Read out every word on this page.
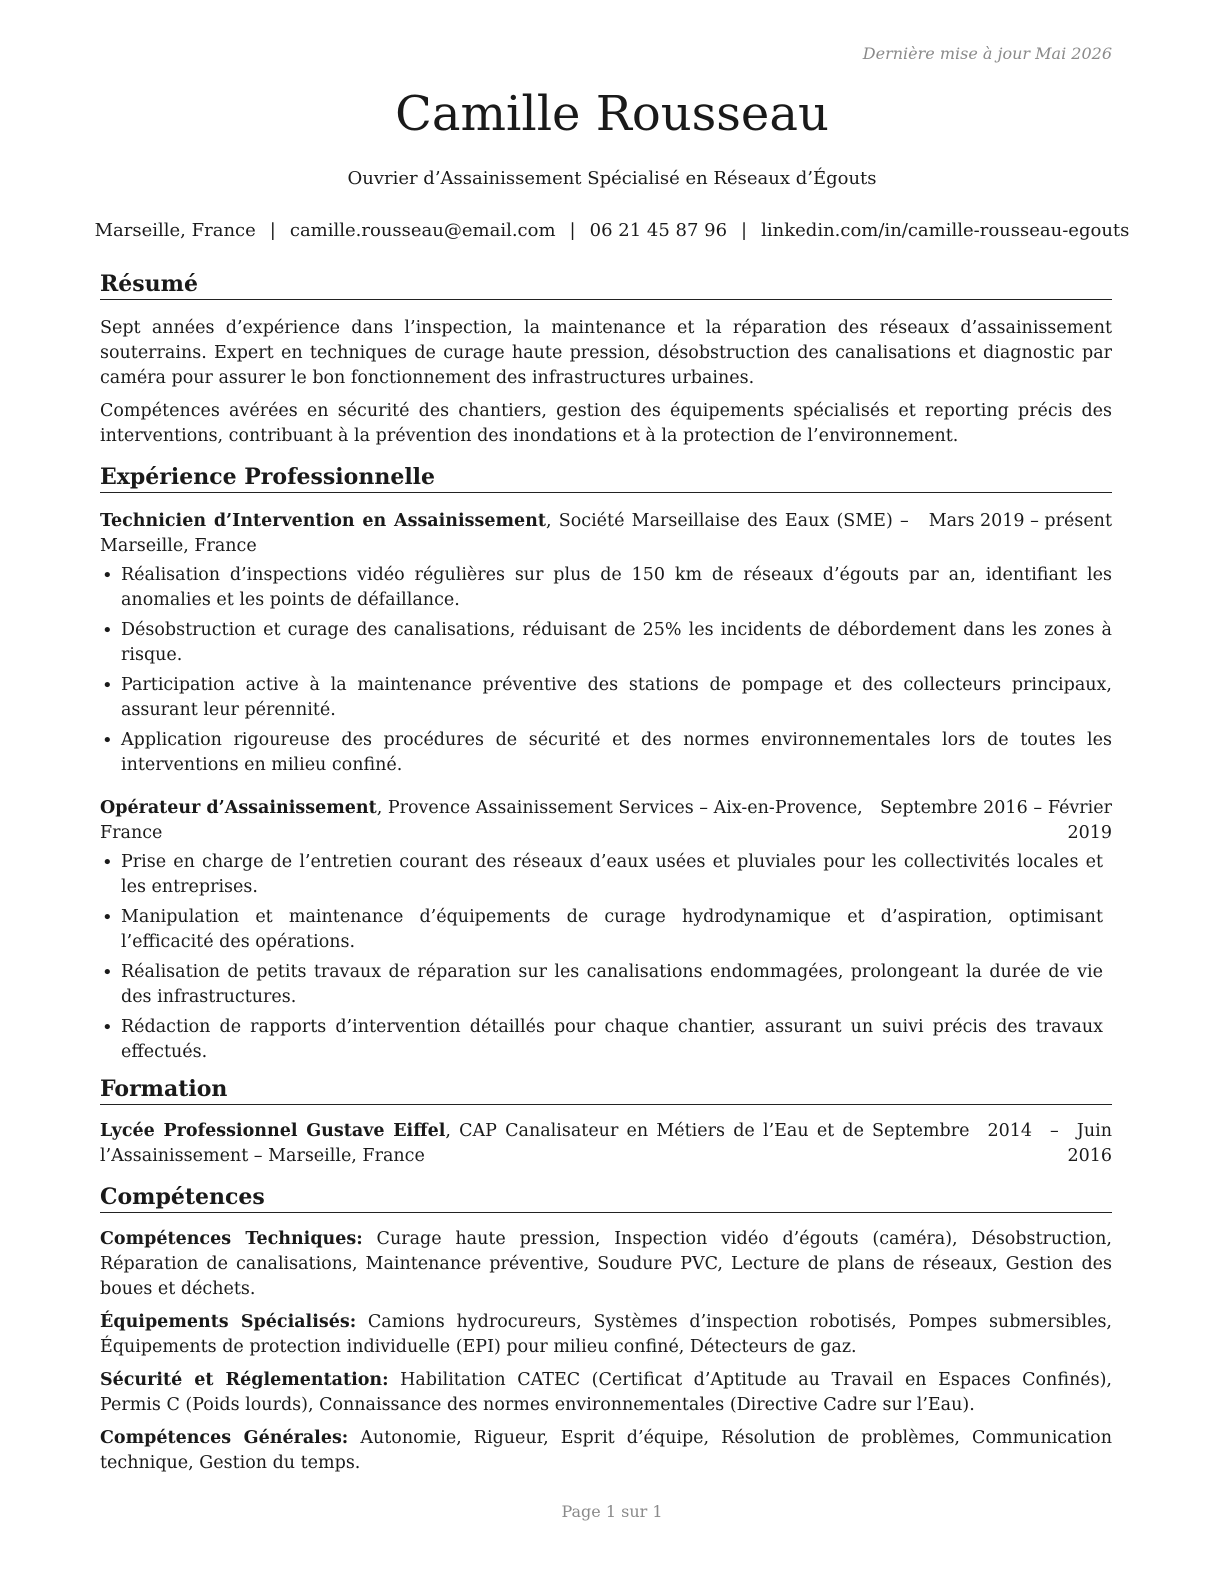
Dernière mise à jour Mai 2026
Camille Rousseau
Ouvrier d’Assainissement Spécialisé en Réseaux d’Égouts
Marseille, France | camille.rousseau@email.com | 06 21 45 87 96 | linkedin.com/in/camille-rousseau-egouts
Résumé

Sept années d’expérience dans l’inspection, la maintenance et la réparation des réseaux d’assainissement souterrains. Expert en techniques de curage haute pression, désobstruction des canalisations et diagnostic par caméra pour assurer le bon fonctionnement des infrastructures urbaines.

Compétences avérées en sécurité des chantiers, gestion des équipements spécialisés et reporting précis des interventions, contribuant à la prévention des inondations et à la protection de l’environnement.

Expérience Professionnelle
Technicien d’Intervention en Assainissement, Société Marseillaise des Eaux (SME) – Marseille, France
Mars 2019 – présent
• Réalisation d’inspections vidéo régulières sur plus de 150 km de réseaux d’égouts par an, identifiant les anomalies et les points de défaillance.
• Désobstruction et curage des canalisations, réduisant de 25% les incidents de débordement dans les zones à risque.
• Participation active à la maintenance préventive des stations de pompage et des collecteurs principaux, assurant leur pérennité.
• Application rigoureuse des procédures de sécurité et des normes environnementales lors de toutes les interventions en milieu confiné.
Opérateur d’Assainissement, Provence Assainissement Services – Aix-en-Provence, France
Septembre 2016 – Février 2019
• Prise en charge de l’entretien courant des réseaux d’eaux usées et pluviales pour les collectivités locales et les entreprises.
• Manipulation et maintenance d’équipements de curage hydrodynamique et d’aspiration, optimisant l’efficacité des opérations.
• Réalisation de petits travaux de réparation sur les canalisations endommagées, prolongeant la durée de vie des infrastructures.
• Rédaction de rapports d’intervention détaillés pour chaque chantier, assurant un suivi précis des travaux effectués.
Formation
Lycée Professionnel Gustave Eiffel, CAP Canalisateur en Métiers de l’Eau et de l’Assainissement – Marseille, France
Septembre 2014 – Juin 2016
Compétences

Compétences Techniques: Curage haute pression, Inspection vidéo d’égouts (caméra), Désobstruction, Réparation de canalisations, Maintenance préventive, Soudure PVC, Lecture de plans de réseaux, Gestion des boues et déchets.

Équipements Spécialisés: Camions hydrocureurs, Systèmes d’inspection robotisés, Pompes submersibles, Équipements de protection individuelle (EPI) pour milieu confiné, Détecteurs de gaz.

Sécurité et Réglementation: Habilitation CATEC (Certificat d’Aptitude au Travail en Espaces Confinés), Permis C (Poids lourds), Connaissance des normes environnementales (Directive Cadre sur l’Eau).

Compétences Générales: Autonomie, Rigueur, Esprit d’équipe, Résolution de problèmes, Communication technique, Gestion du temps.

Page 1 sur 1
